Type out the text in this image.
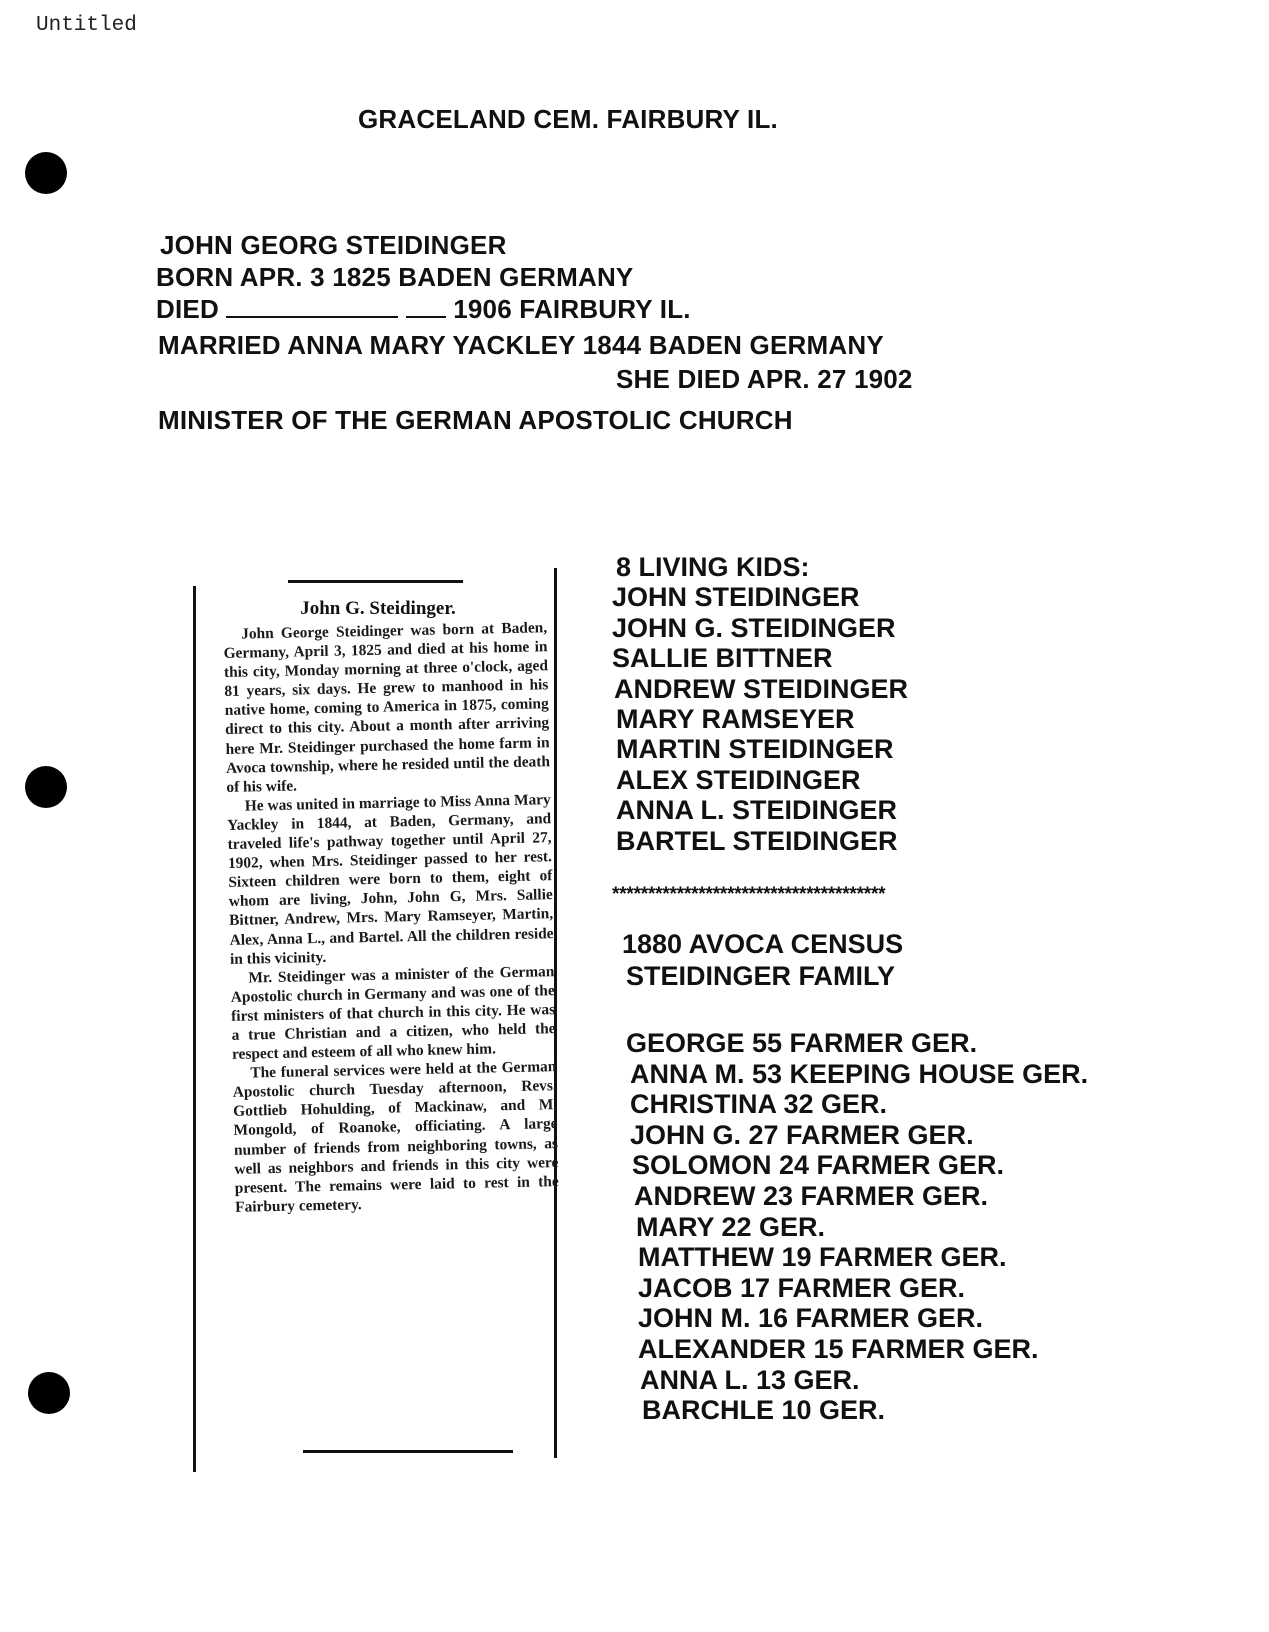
Untitled
GRACELAND CEM. FAIRBURY IL.
JOHN GEORG STEIDINGER
BORN APR. 3 1825 BADEN GERMANY
DIED	1906 FAIRBURY IL.
MARRIED ANNA MARY YACKLEY 1844 BADEN GERMANY
SHE DIED APR. 27 1902
MINISTER OF THE GERMAN APOSTOLIC CHURCH
John G. Steidinger.

John George Steidinger was born at Baden, Germany, April 3, 1825 and died at his home in this city, Monday morning at three o'clock, aged 81 years, six days. He grew to manhood in his native home, coming to America in 1875, coming direct to this city. About a month after arriving here Mr. Steidinger purchased the home farm in Avoca township, where he resided until the death of his wife.

He was united in marriage to Miss Anna Mary Yackley in 1844, at Baden, Germany, and traveled life's pathway together until April 27, 1902, when Mrs. Steidinger passed to her rest. Sixteen children were born to them, eight of whom are living, John, John G, Mrs. Sallie Bittner, Andrew, Mrs. Mary Ramseyer, Martin, Alex, Anna L., and Bartel. All the children reside in this vicinity.

Mr. Steidinger was a minister of the German Apostolic church in Germany and was one of the first ministers of that church in this city. He was a true Christian and a citizen, who held the respect and esteem of all who knew him.

The funeral services were held at the German Apostolic church Tuesday afternoon, Revs. Gottlieb Hohulding, of Mackinaw, and M. Mongold, of Roanoke, officiating. A large number of friends from neighboring towns, as well as neighbors and friends in this city were present. The remains were laid to rest in the Fairbury cemetery.

8 LIVING KIDS:
JOHN STEIDINGER
JOHN G. STEIDINGER
SALLIE BITTNER
ANDREW STEIDINGER
MARY RAMSEYER
MARTIN STEIDINGER
ALEX STEIDINGER
ANNA L. STEIDINGER
BARTEL STEIDINGER
**************************************
1880 AVOCA CENSUS
STEIDINGER FAMILY
GEORGE 55 FARMER GER.
ANNA M. 53 KEEPING HOUSE GER.
CHRISTINA 32 GER.
JOHN G. 27 FARMER GER.
SOLOMON 24 FARMER GER.
ANDREW 23 FARMER GER.
MARY 22 GER.
MATTHEW 19 FARMER GER.
JACOB 17 FARMER GER.
JOHN M. 16 FARMER GER.
ALEXANDER 15 FARMER GER.
ANNA L. 13 GER.
BARCHLE 10 GER.
